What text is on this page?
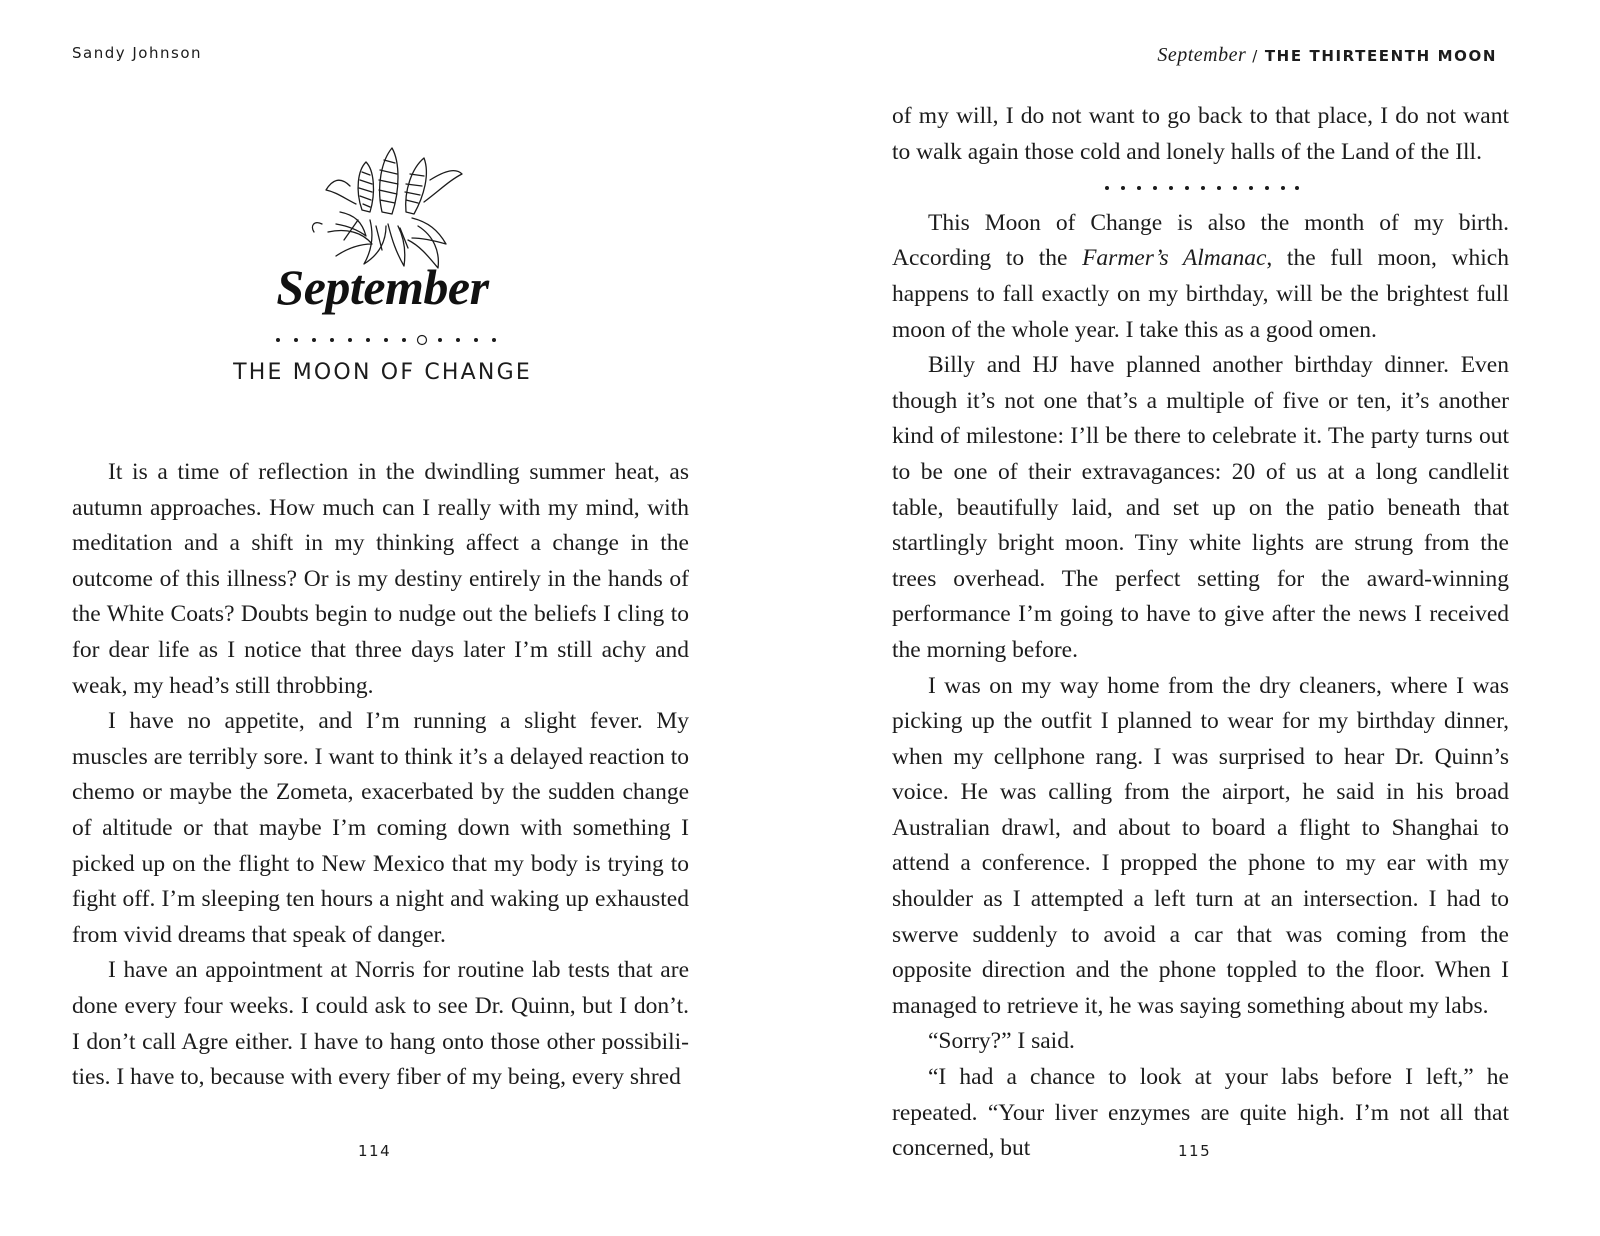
Sandy Johnson
September
THE MOON OF CHANGE

It is a time of reflection in the dwindling summer heat, as autumn approaches. How much can I really with my mind, with meditation and a shift in my thinking affect a change in the outcome of this illness? Or is my destiny entirely in the hands of the White Coats? Doubts begin to nudge out the beliefs I cling to for dear life as I notice that three days later I’m still achy and weak, my head’s still throbbing.

I have no appetite, and I’m running a slight fever. My muscles are terribly sore. I want to think it’s a delayed reaction to chemo or maybe the Zometa, exacerbated by the sudden change of altitude or that maybe I’m coming down with something I picked up on the flight to New Mexico that my body is trying to fight off. I’m sleeping ten hours a night and waking up exhausted from vivid dreams that speak of danger.

I have an appointment at Norris for routine lab tests that are done every four weeks. I could ask to see Dr. Quinn, but I don’t. I don’t call Agre either. I have to hang onto those other possibilities. I have to, because with every fiber of my being, every shred

114
September / THE THIRTEENTH MOON

of my will, I do not want to go back to that place, I do not want to walk again those cold and lonely halls of the Land of the Ill.

This Moon of Change is also the month of my birth. According to the Farmer’s Almanac, the full moon, which happens to fall exactly on my birthday, will be the brightest full moon of the whole year. I take this as a good omen.

Billy and HJ have planned another birthday dinner. Even though it’s not one that’s a multiple of five or ten, it’s another kind of milestone: I’ll be there to celebrate it. The party turns out to be one of their extravagances: 20 of us at a long candlelit table, beautifully laid, and set up on the patio beneath that startlingly bright moon. Tiny white lights are strung from the trees overhead. The perfect setting for the award-winning performance I’m going to have to give after the news I received the morning before.

I was on my way home from the dry cleaners, where I was picking up the outfit I planned to wear for my birthday dinner, when my cellphone rang. I was surprised to hear Dr. Quinn’s voice. He was calling from the airport, he said in his broad Australian drawl, and about to board a flight to Shanghai to attend a conference. I propped the phone to my ear with my shoulder as I attempted a left turn at an intersection. I had to swerve suddenly to avoid a car that was coming from the opposite direction and the phone toppled to the floor. When I managed to retrieve it, he was saying something about my labs.

“Sorry?” I said.

“I had a chance to look at your labs before I left,” he repeated. “Your liver enzymes are quite high. I’m not all that concerned, but	115
